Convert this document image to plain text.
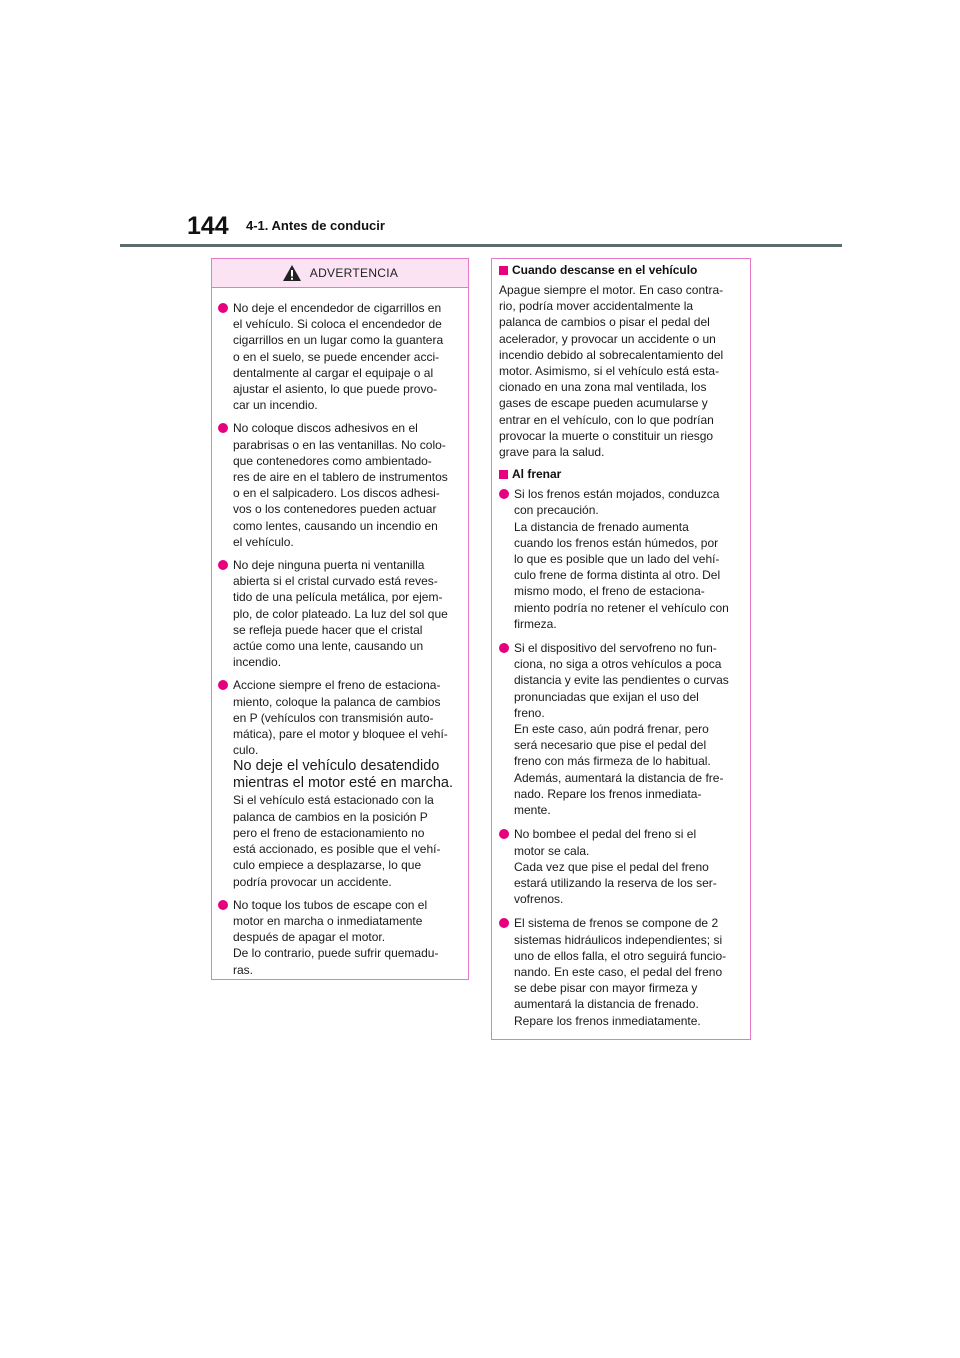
144 4-1. Antes de conducir
ADVERTENCIA
No deje el encendedor de cigarrillos en
el vehículo. Si coloca el encendedor de
cigarrillos en un lugar como la guantera
o en el suelo, se puede encender acci-
dentalmente al cargar el equipaje o al
ajustar el asiento, lo que puede provo-
car un incendio.
No coloque discos adhesivos en el
parabrisas o en las ventanillas. No colo-
que contenedores como ambientado-
res de aire en el tablero de instrumentos
o en el salpicadero. Los discos adhesi-
vos o los contenedores pueden actuar
como lentes, causando un incendio en
el vehículo.
No deje ninguna puerta ni ventanilla
abierta si el cristal curvado está reves-
tido de una película metálica, por ejem-
plo, de color plateado. La luz del sol que
se refleja puede hacer que el cristal
actúe como una lente, causando un
incendio.
Accione siempre el freno de estaciona-
miento, coloque la palanca de cambios
en P (vehículos con transmisión auto-
mática), pare el motor y bloquee el vehí-
culo.
No deje el vehículo desatendido
mientras el motor esté en marcha.
Si el vehículo está estacionado con la
palanca de cambios en la posición P
pero el freno de estacionamiento no
está accionado, es posible que el vehí-
culo empiece a desplazarse, lo que
podría provocar un accidente.
No toque los tubos de escape con el
motor en marcha o inmediatamente
después de apagar el motor.
De lo contrario, puede sufrir quemadu-
ras.
Cuando descanse en el vehículo
Apague siempre el motor. En caso contra-
rio, podría mover accidentalmente la
palanca de cambios o pisar el pedal del
acelerador, y provocar un accidente o un
incendio debido al sobrecalentamiento del
motor. Asimismo, si el vehículo está esta-
cionado en una zona mal ventilada, los
gases de escape pueden acumularse y
entrar en el vehículo, con lo que podrían
provocar la muerte o constituir un riesgo
grave para la salud.
Al frenar
Si los frenos están mojados, conduzca
con precaución.
La distancia de frenado aumenta
cuando los frenos están húmedos, por
lo que es posible que un lado del vehí-
culo frene de forma distinta al otro. Del
mismo modo, el freno de estaciona-
miento podría no retener el vehículo con
firmeza.
Si el dispositivo del servofreno no fun-
ciona, no siga a otros vehículos a poca
distancia y evite las pendientes o curvas
pronunciadas que exijan el uso del
freno.
En este caso, aún podrá frenar, pero
será necesario que pise el pedal del
freno con más firmeza de lo habitual.
Además, aumentará la distancia de fre-
nado. Repare los frenos inmediata-
mente.
No bombee el pedal del freno si el
motor se cala.
Cada vez que pise el pedal del freno
estará utilizando la reserva de los ser-
vofrenos.
El sistema de frenos se compone de 2
sistemas hidráulicos independientes; si
uno de ellos falla, el otro seguirá funcio-
nando. En este caso, el pedal del freno
se debe pisar con mayor firmeza y
aumentará la distancia de frenado.
Repare los frenos inmediatamente.
